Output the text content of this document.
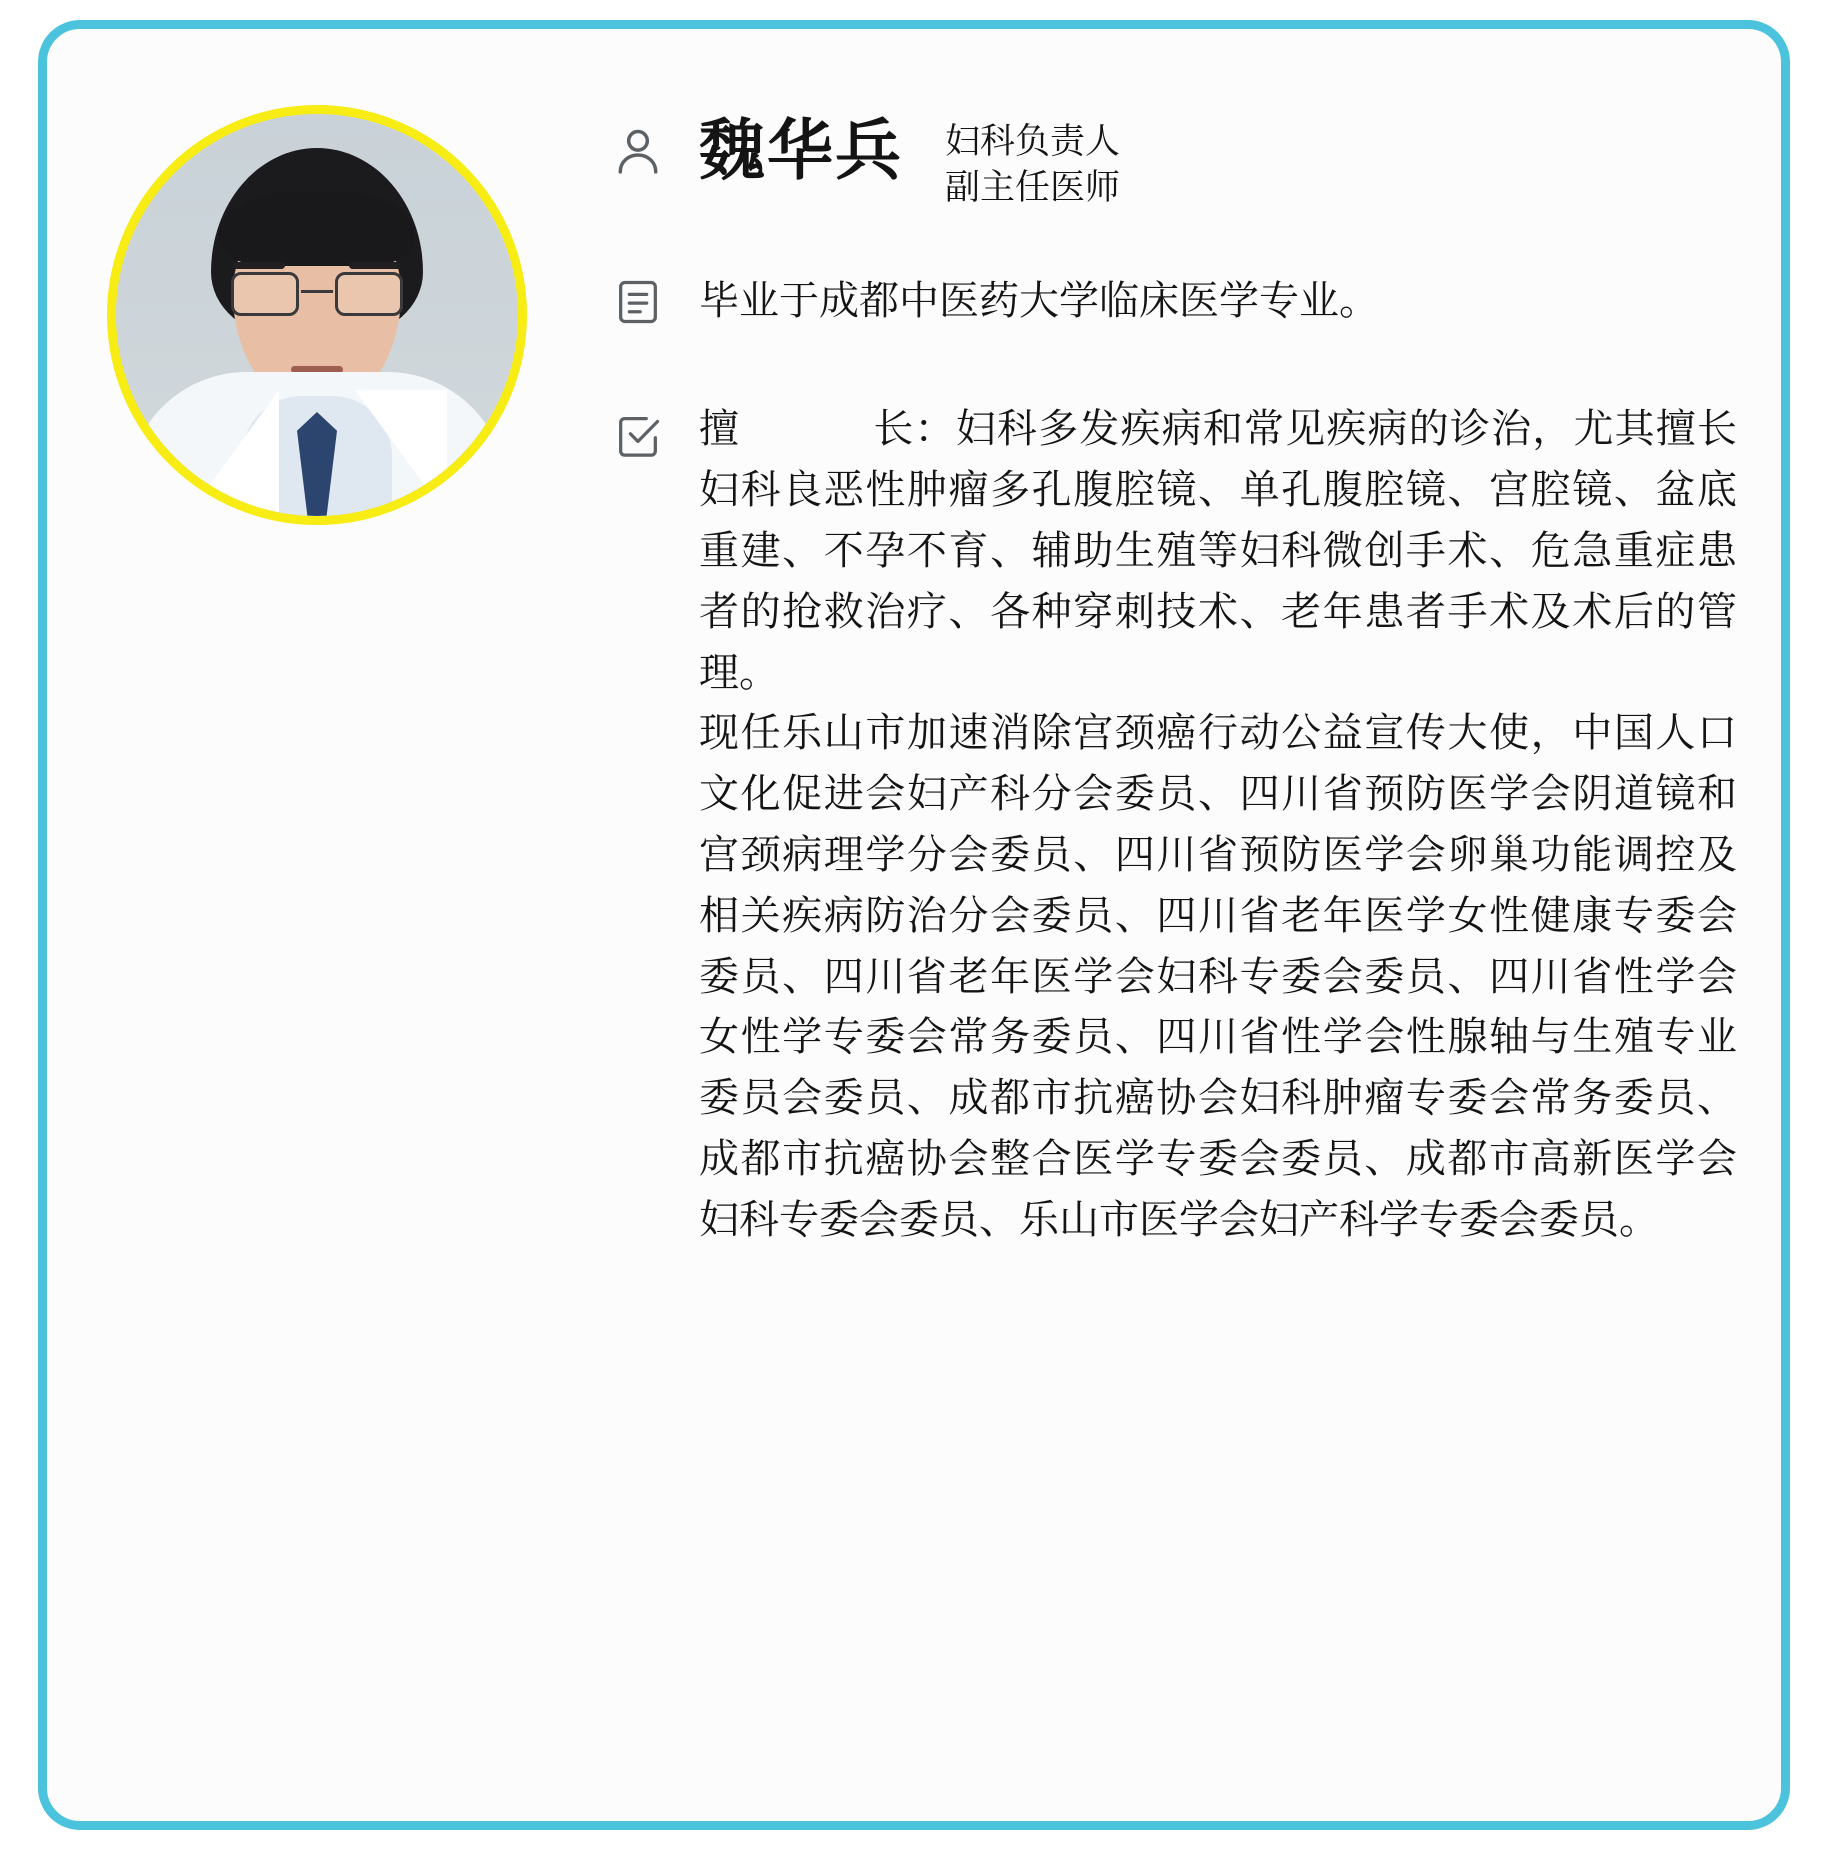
魏华兵 妇科负责人
副主任医师
毕业于成都中医药大学临床医学专业。

擅	长：妇科多发疾病和常见疾病的诊治，尤其擅长妇科良恶性肿瘤多孔腹腔镜、单孔腹腔镜、宫腔镜、盆底重建、不孕不育、辅助生殖等妇科微创手术、危急重症患者的抢救治疗、各种穿刺技术、老年患者手术及术后的管理。

现任乐山市加速消除宫颈癌行动公益宣传大使，中国人口文化促进会妇产科分会委员、四川省预防医学会阴道镜和宫颈病理学分会委员、四川省预防医学会卵巢功能调控及相关疾病防治分会委员、四川省老年医学女性健康专委会委员、四川省老年医学会妇科专委会委员、四川省性学会女性学专委会常务委员、四川省性学会性腺轴与生殖专业委员会委员、成都市抗癌协会妇科肿瘤专委会常务委员、成都市抗癌协会整合医学专委会委员、成都市高新医学会妇科专委会委员、乐山市医学会妇产科学专委会委员。
